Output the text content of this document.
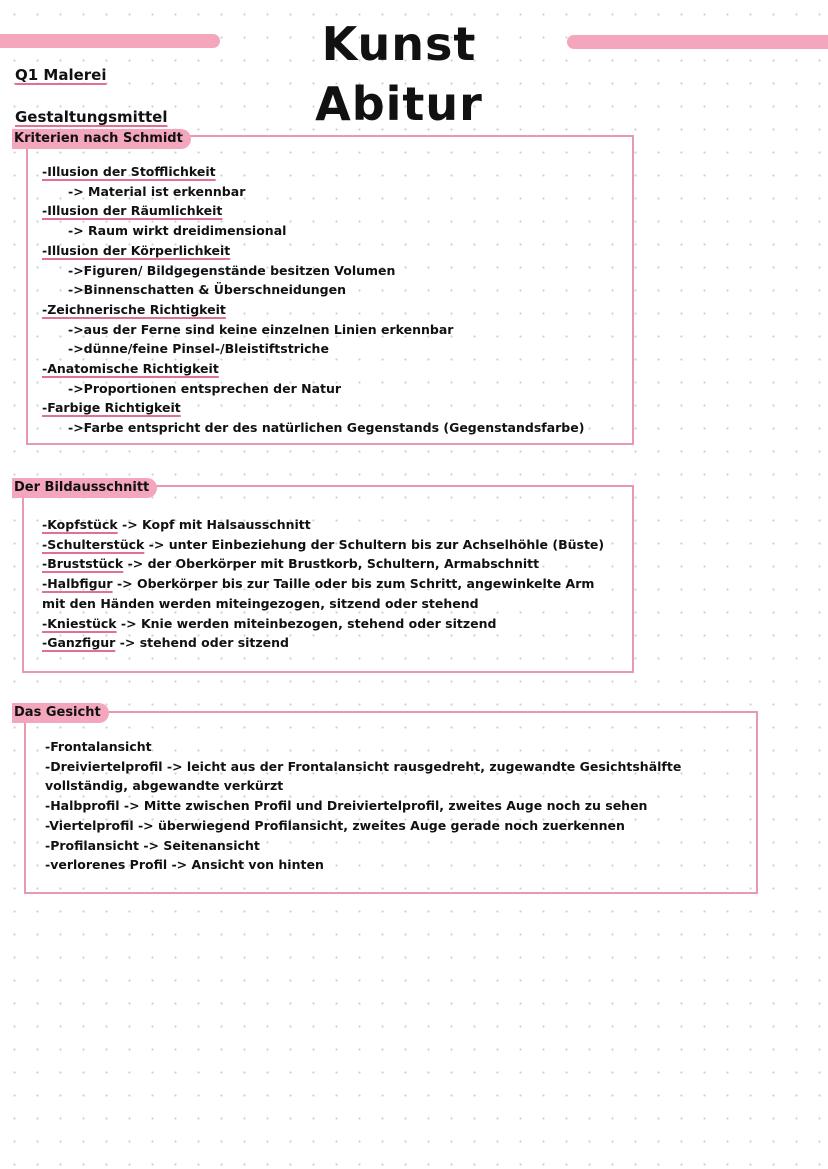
Kunst Abitur
Q1 Malerei
Gestaltungsmittel
Kriterien nach Schmidt
-Illusion der Stofflichkeit
-> Material ist erkennbar
-Illusion der Räumlichkeit
-> Raum wirkt dreidimensional
-Illusion der Körperlichkeit
->Figuren/ Bildgegenstände besitzen Volumen
->Binnenschatten & Überschneidungen
-Zeichnerische Richtigkeit
->aus der Ferne sind keine einzelnen Linien erkennbar
->dünne/feine Pinsel-/Bleistiftstriche
-Anatomische Richtigkeit
->Proportionen entsprechen der Natur
-Farbige Richtigkeit
->Farbe entspricht der des natürlichen Gegenstands (Gegenstandsfarbe)
Der Bildausschnitt
-Kopfstück -> Kopf mit Halsausschnitt
-Schulterstück -> unter Einbeziehung der Schultern bis zur Achselhöhle (Büste)
-Bruststück -> der Oberkörper mit Brustkorb, Schultern, Armabschnitt
-Halbfigur -> Oberkörper bis zur Taille oder bis zum Schritt, angewinkelte Arm
mit den Händen werden miteingezogen, sitzend oder stehend
-Kniestück -> Knie werden miteinbezogen, stehend oder sitzend
-Ganzfigur -> stehend oder sitzend
Das Gesicht
-Frontalansicht
-Dreiviertelprofil -> leicht aus der Frontalansicht rausgedreht, zugewandte Gesichtshälfte
vollständig, abgewandte verkürzt
-Halbprofil -> Mitte zwischen Profil und Dreiviertelprofil, zweites Auge noch zu sehen
-Viertelprofil -> überwiegend Profilansicht, zweites Auge gerade noch zuerkennen
-Profilansicht -> Seitenansicht
-verlorenes Profil -> Ansicht von hinten
